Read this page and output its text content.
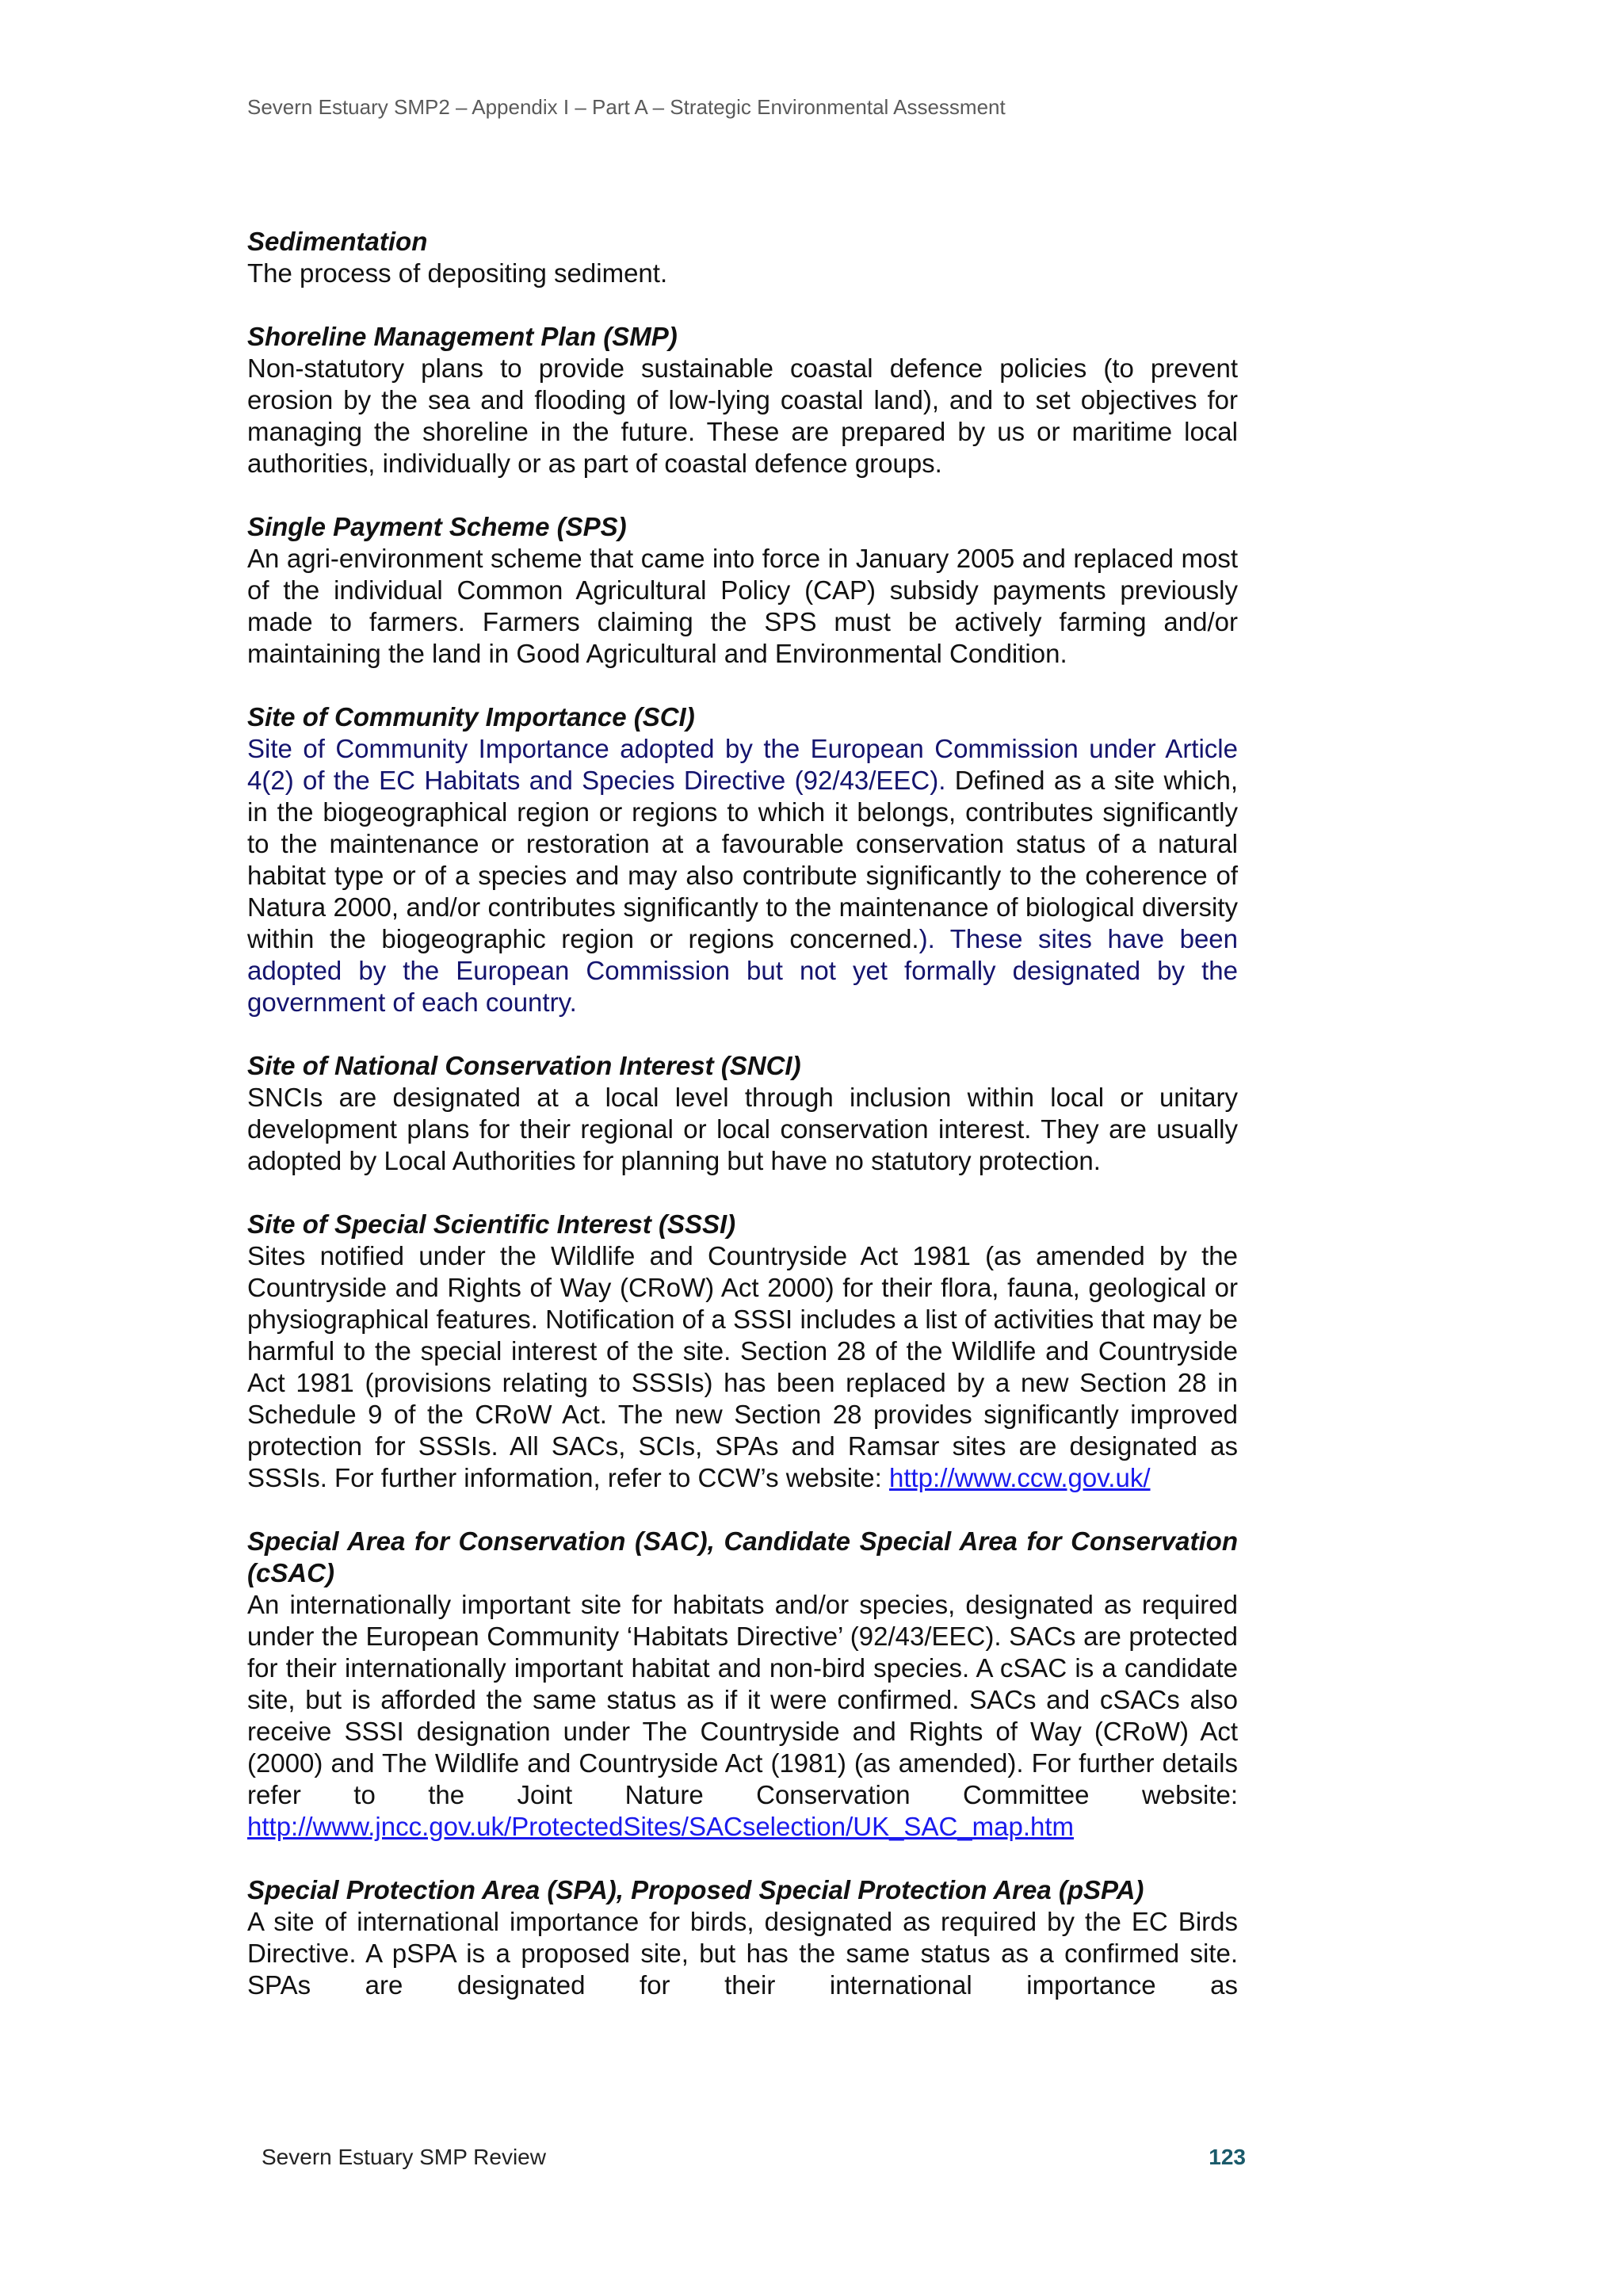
Severn Estuary SMP2 – Appendix I – Part A – Strategic Environmental Assessment
Sedimentation

The process of depositing sediment.

Shoreline Management Plan (SMP)

Non-statutory plans to provide sustainable coastal defence policies (to prevent erosion by the sea and flooding of low-lying coastal land), and to set objectives for managing the shoreline in the future. These are prepared by us or maritime local authorities, individually or as part of coastal defence groups.

Single Payment Scheme (SPS)

An agri-environment scheme that came into force in January 2005 and replaced most of the individual Common Agricultural Policy (CAP) subsidy payments previously made to farmers. Farmers claiming the SPS must be actively farming and/or maintaining the land in Good Agricultural and Environmental Condition.

Site of Community Importance (SCI)

Site of Community Importance adopted by the European Commission under Article 4(2) of the EC Habitats and Species Directive (92/43/EEC). Defined as a site which, in the biogeographical region or regions to which it belongs, contributes significantly to the maintenance or restoration at a favourable conservation status of a natural habitat type or of a species and may also contribute significantly to the coherence of Natura 2000, and/or contributes significantly to the maintenance of biological diversity within the biogeographic region or regions concerned.). These sites have been adopted by the European Commission but not yet formally designated by the government of each country.

Site of National Conservation Interest (SNCI)

SNCIs are designated at a local level through inclusion within local or unitary development plans for their regional or local conservation interest. They are usually adopted by Local Authorities for planning but have no statutory protection.

Site of Special Scientific Interest (SSSI)

Sites notified under the Wildlife and Countryside Act 1981 (as amended by the Countryside and Rights of Way (CRoW) Act 2000) for their flora, fauna, geological or physiographical features. Notification of a SSSI includes a list of activities that may be harmful to the special interest of the site. Section 28 of the Wildlife and Countryside Act 1981 (provisions relating to SSSIs) has been replaced by a new Section 28 in Schedule 9 of the CRoW Act. The new Section 28 provides significantly improved protection for SSSIs. All SACs, SCIs, SPAs and Ramsar sites are designated as SSSIs. For further information, refer to CCW’s website: http://www.ccw.gov.uk/

Special Area for Conservation (SAC), Candidate Special Area for Conservation (cSAC)

An internationally important site for habitats and/or species, designated as required under the European Community ‘Habitats Directive’ (92/43/EEC). SACs are protected for their internationally important habitat and non-bird species. A cSAC is a candidate site, but is afforded the same status as if it were confirmed. SACs and cSACs also receive SSSI designation under The Countryside and Rights of Way (CRoW) Act (2000) and The Wildlife and Countryside Act (1981) (as amended). For further details refer to the Joint Nature Conservation Committee website:

http://www.jncc.gov.uk/ProtectedSites/SACselection/UK_SAC_map.htm

Special Protection Area (SPA), Proposed Special Protection Area (pSPA)

A site of international importance for birds, designated as required by the EC Birds Directive. A pSPA is a proposed site, but has the same status as a confirmed site. SPAs are designated for their international importance as

Severn Estuary SMP Review	123
